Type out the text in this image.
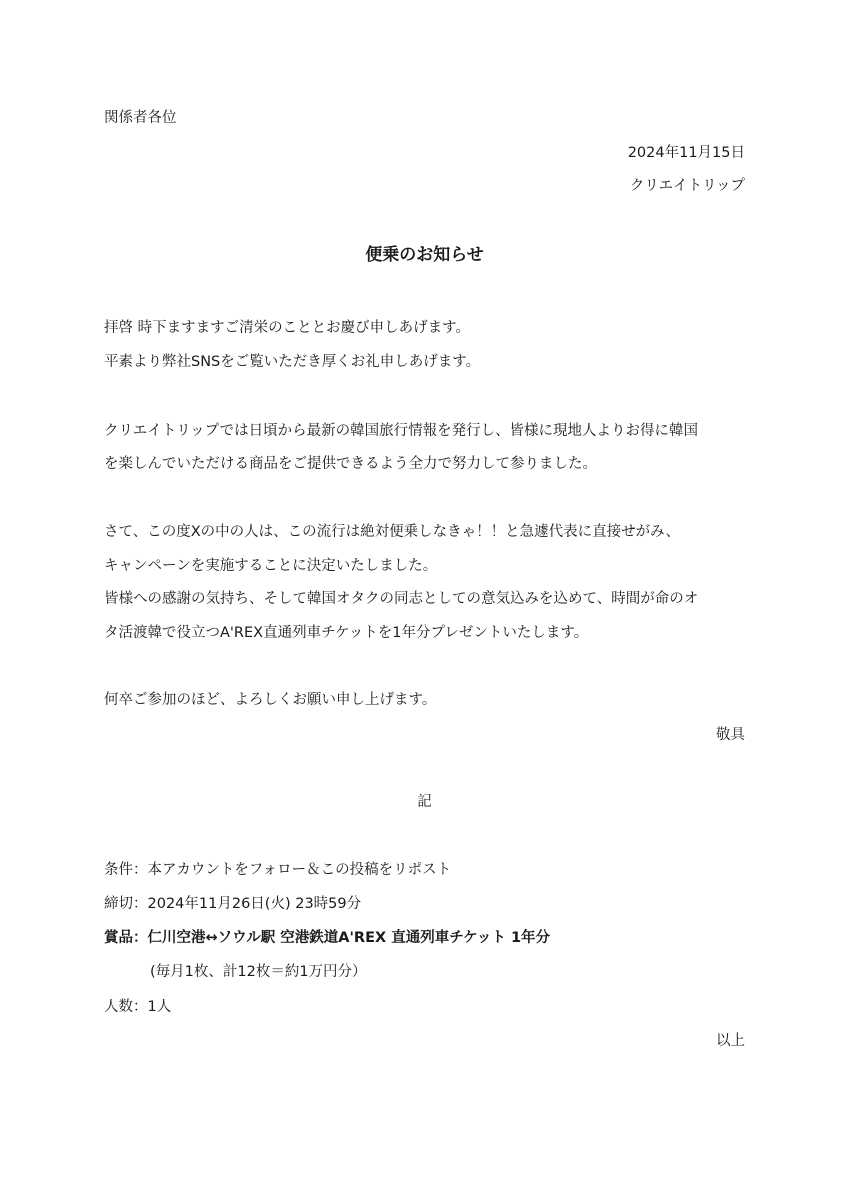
関係者各位
2024年11月15日
クリエイトリップ
便乗のお知らせ
拝啓 時下ますますご清栄のこととお慶び申しあげます。
平素より弊社SNSをご覧いただき厚くお礼申しあげます。
クリエイトリップでは日頃から最新の韓国旅行情報を発行し、皆様に現地人よりお得に韓国
を楽しんでいただける商品をご提供できるよう全力で努力して参りました。
さて、この度Xの中の人は、この流行は絶対便乗しなきゃ！！と急遽代表に直接せがみ、
キャンペーンを実施することに決定いたしました。
皆様への感謝の気持ち、そして韓国オタクの同志としての意気込みを込めて、時間が命のオ
タ活渡韓で役立つA'REX直通列車チケットを1年分プレゼントいたします。
何卒ご参加のほど、よろしくお願い申し上げます。
敬具
記
条件：本アカウントをフォロー＆この投稿をリポスト
締切：2024年11月26日(火) 23時59分
賞品：仁川空港↔ソウル駅 空港鉄道A'REX 直通列車チケット 1年分
(毎月1枚、計12枚＝約1万円分）
人数：1人
以上
